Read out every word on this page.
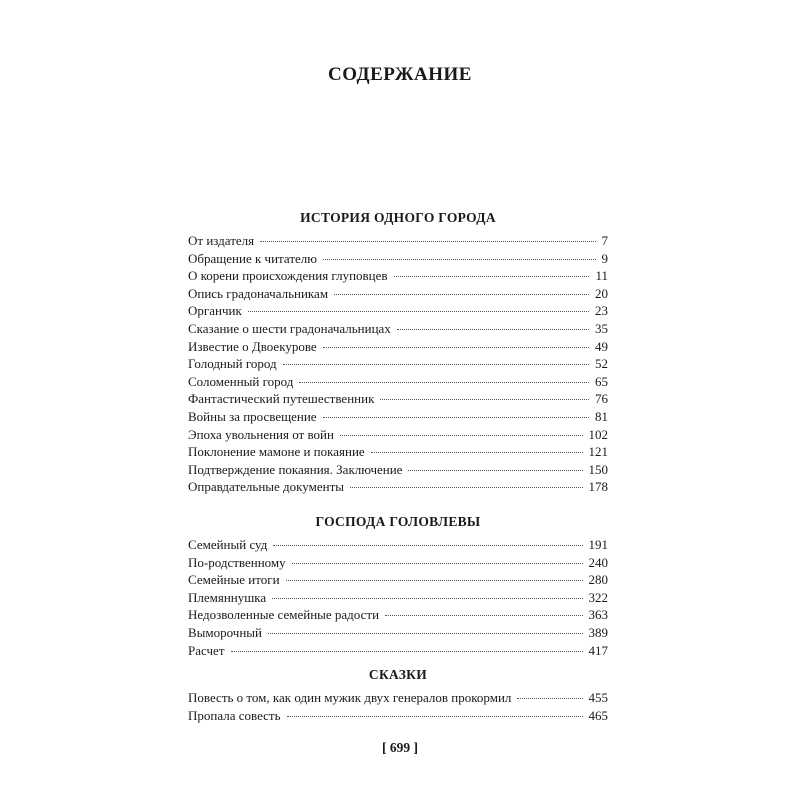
СОДЕРЖАНИЕ
ИСТОРИЯ ОДНОГО ГОРОДА
От издателя	7
Обращение к читателю	9
О корени происхождения глуповцев	11
Опись градоначальникам	20
Органчик	23
Сказание о шести градоначальницах	35
Известие о Двоекурове	49
Голодный город	52
Соломенный город	65
Фантастический путешественник	76
Войны за просвещение	81
Эпоха увольнения от войн	102
Поклонение мамоне и покаяние	121
Подтверждение покаяния. Заключение	150
Оправдательные документы	178
ГОСПОДА ГОЛОВЛЕВЫ
Семейный суд	191
По-родственному	240
Семейные итоги	280
Племяннушка	322
Недозволенные семейные радости	363
Выморочный	389
Расчет	417
СКАЗКИ
Повесть о том, как один мужик двух генералов прокормил	455
Пропала совесть	465
[ 699 ]
